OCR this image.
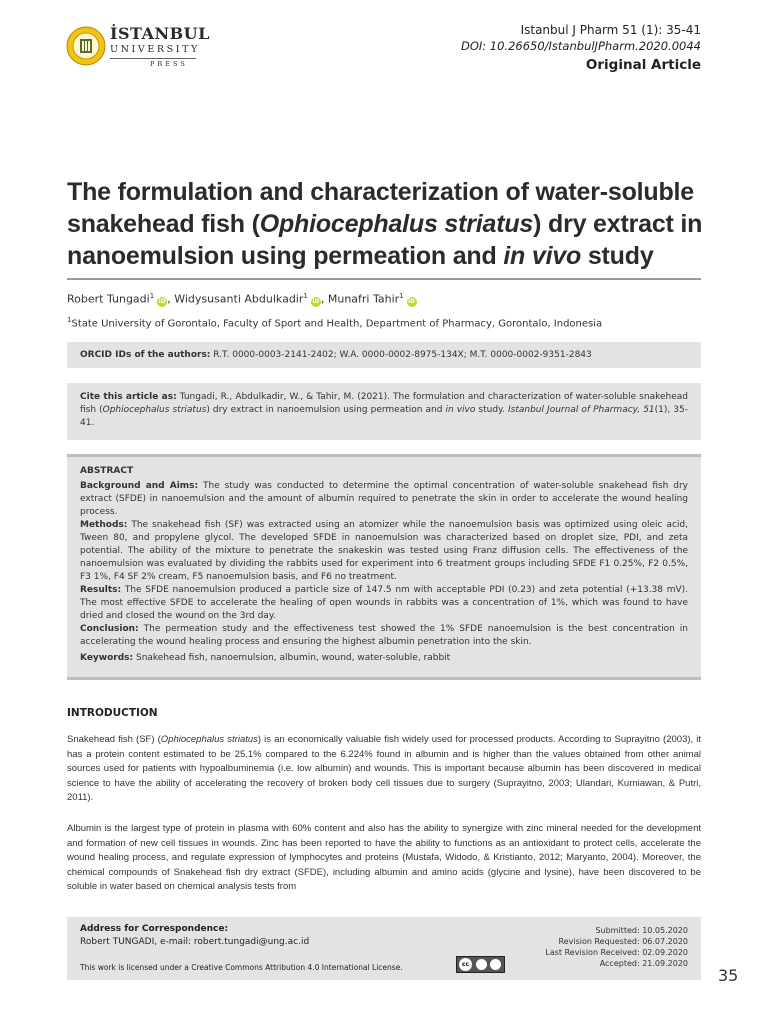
İSTANBUL
UNIVERSITY
PRESS
Istanbul J Pharm 51 (1): 35-41
DOI: 10.26650/IstanbulJPharm.2020.0044
Original Article
The formulation and characterization of water-soluble snakehead fish (Ophiocephalus striatus) dry extract in nanoemulsion using permeation and in vivo study
Robert Tungadi$^1$iD, Widysusanti Abdulkadir$^1$iD, Munafri Tahir$^1$iD
$^1$State University of Gorontalo, Faculty of Sport and Health, Department of Pharmacy, Gorontalo, Indonesia
ORCID IDs of the authors: R.T. 0000-0003-2141-2402; W.A. 0000-0002-8975-134X; M.T. 0000-0002-9351-2843
Cite this article as: Tungadi, R., Abdulkadir, W., & Tahir, M. (2021). The formulation and characterization of water-soluble snakehead fish (Ophiocephalus striatus) dry extract in nanoemulsion using permeation and in vivo study. Istanbul Journal of Pharmacy, 51(1), 35-41.
ABSTRACT

Background and Aims: The study was conducted to determine the optimal concentration of water-soluble snakehead fish dry extract (SFDE) in nanoemulsion and the amount of albumin required to penetrate the skin in order to accelerate the wound healing process.

Methods: The snakehead fish (SF) was extracted using an atomizer while the nanoemulsion basis was optimized using oleic acid, Tween 80, and propylene glycol. The developed SFDE in nanoemulsion was characterized based on droplet size, PDI, and zeta potential. The ability of the mixture to penetrate the snakeskin was tested using Franz diffusion cells. The effectiveness of the nanoemulsion was evaluated by dividing the rabbits used for experiment into 6 treatment groups including SFDE F1 0.25%, F2 0.5%, F3 1%, F4 SF 2% cream, F5 nanoemulsion basis, and F6 no treatment.

Results: The SFDE nanoemulsion produced a particle size of 147.5 nm with acceptable PDI (0.23) and zeta potential (+13.38 mV). The most effective SFDE to accelerate the healing of open wounds in rabbits was a concentration of 1%, which was found to have dried and closed the wound on the 3rd day.

Conclusion: The permeation study and the effectiveness test showed the 1% SFDE nanoemulsion is the best concentration in accelerating the wound healing process and ensuring the highest albumin penetration into the skin.

Keywords: Snakehead fish, nanoemulsion, albumin, wound, water-soluble, rabbit

INTRODUCTION
Snakehead fish (SF) (Ophiocephalus striatus) is an economically valuable fish widely used for processed products. According to Suprayitno (2003), it has a protein content estimated to be 25.1% compared to the 6.224% found in albumin and is higher than the values obtained from other animal sources used for patients with hypoalbuminemia (i.e. low albumin) and wounds. This is important because albumin has been discovered in medical science to have the ability of accelerating the recovery of broken body cell tissues due to surgery (Suprayitno, 2003; Ulandari, Kurniawan, & Putri, 2011).
Albumin is the largest type of protein in plasma with 60% content and also has the ability to synergize with zinc mineral needed for the development and formation of new cell tissues in wounds. Zinc has been reported to have the ability to functions as an antioxidant to protect cells, accelerate the wound healing process, and regulate expression of lymphocytes and proteins (Mustafa, Widodo, & Kristianto, 2012; Maryanto, 2004). Moreover, the chemical compounds of Snakehead fish dry extract (SFDE), including albumin and amino acids (glycine and lysine), have been discovered to be soluble in water based on chemical analysis tests from
Address for Correspondence:
Robert TUNGADI, e-mail: robert.tungadi@ung.ac.id
This work is licensed under a Creative Commons Attribution 4.0 International License.	cc
Submitted: 10.05.2020
Revision Requested: 06.07.2020
Last Revision Received: 02.09.2020
Accepted: 21.09.2020
35
